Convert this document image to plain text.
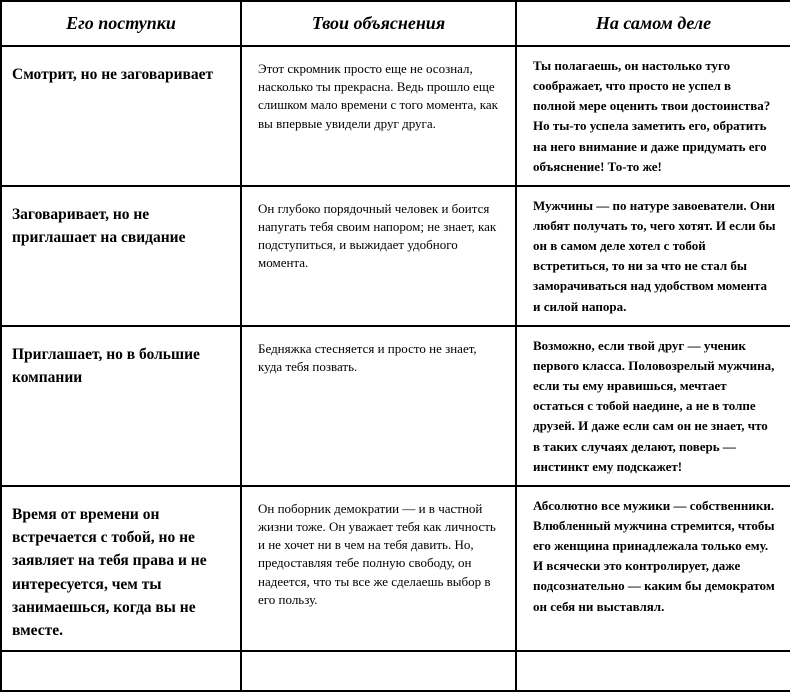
Его поступки	Твои объяснения	На самом деле
Смотрит, но не заговаривает	Этот скромник просто еще не осознал, насколько ты прекрасна. Ведь прошло еще слишком мало времени с того момента, как вы впервые увидели друг друга.	Ты полагаешь, он настолько туго соображает, что просто не успел в полной мере оценить твои достоинства? Но ты-то успела заметить его, обратить на него внимание и даже придумать его объяснение! То-то же!
Заговаривает, но не приглашает на свидание	Он глубоко порядочный человек и боится напугать тебя своим напором; не знает, как подступиться, и выжидает удобного момента.	Мужчины — по натуре завоеватели. Они любят получать то, чего хотят. И если бы он в самом деле хотел с тобой встретиться, то ни за что не стал бы заморачиваться над удобством момента и силой напора.
Приглашает, но в большие компании	Бедняжка стесняется и просто не знает, куда тебя позвать.	Возможно, если твой друг — ученик первого класса. Половозрелый мужчина, если ты ему нравишься, мечтает остаться с тобой наедине, а не в толпе друзей. И даже если сам он не знает, что в таких случаях делают, поверь — инстинкт ему подскажет!
Время от времени он встречается с тобой, но не заявляет на тебя права и не интересуется, чем ты занимаешься, когда вы не вместе.	Он поборник демократии — и в частной жизни тоже. Он уважает тебя как личность и не хочет ни в чем на тебя давить. Но, предоставляя тебе полную свободу, он надеется, что ты все же сделаешь выбор в его пользу.	Абсолютно все мужики — собственники. Влюбленный мужчина стремится, чтобы его женщина принадлежала только ему. И всячески это контролирует, даже подсознательно — каким бы демократом он себя ни выставлял.
